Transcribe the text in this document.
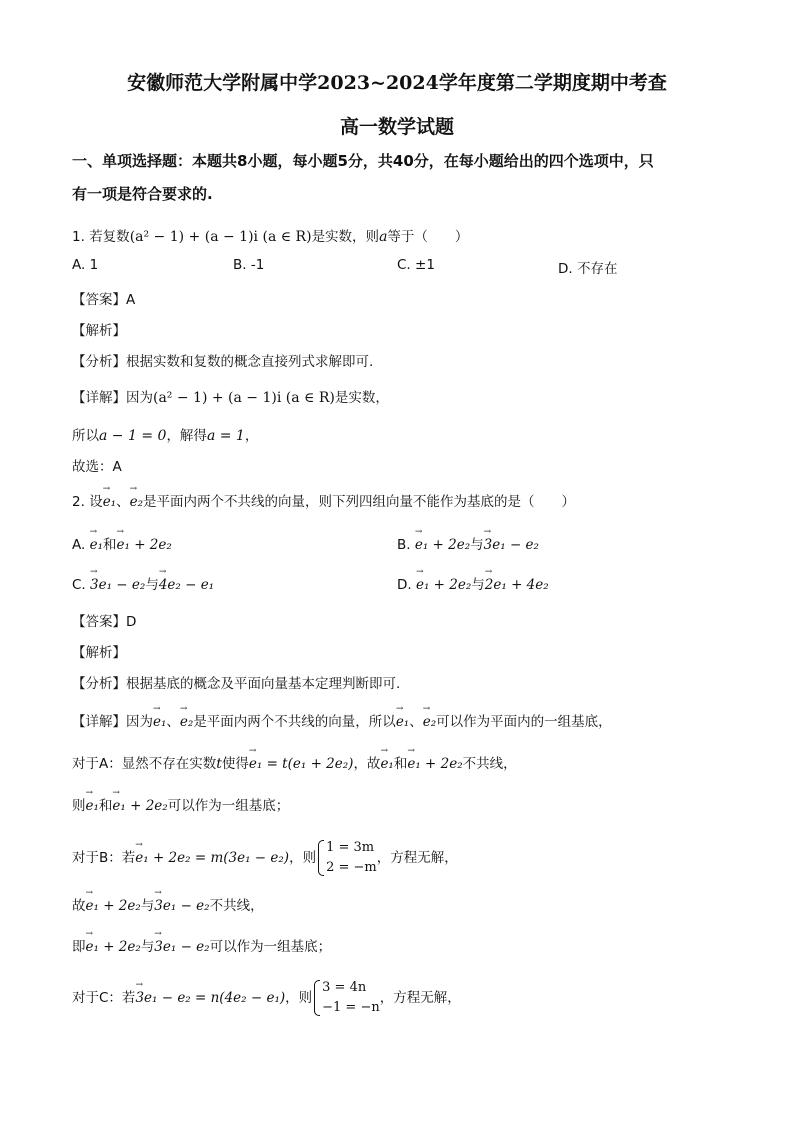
安徽师范大学附属中学2023~2024学年度第二学期度期中考查
高一数学试题
一、单项选择题：本题共8小题，每小题5分，共40分，在每小题给出的四个选项中，只
有一项是符合要求的.
1. 若复数(a² − 1) + (a − 1)i (a ∈ R)是实数，则a等于（　　）
A. 1	B. -1	C. ±1	D. 不存在
【答案】A
【解析】
【分析】根据实数和复数的概念直接列式求解即可.
【详解】因为(a² − 1) + (a − 1)i (a ∈ R)是实数，
所以a − 1 = 0，解得a = 1，
故选：A
2. 设→ e₁、→ e₂是平面内两个不共线的向量，则下列四组向量不能作为基底的是（　　）
A. → e₁和→ e₁ + 2e₂	B. → e₁ + 2e₂与→ 3e₁ − e₂
C. → 3e₁ − e₂与→ 4e₂ − e₁	D. → e₁ + 2e₂与→ 2e₁ + 4e₂
【答案】D
【解析】
【分析】根据基底的概念及平面向量基本定理判断即可.
【详解】因为→ e₁、→ e₂是平面内两个不共线的向量，所以→ e₁、→ e₂可以作为平面内的一组基底，
对于A：显然不存在实数t使得→ e₁ = t(e₁ + 2e₂)，故→ e₁和→ e₁ + 2e₂不共线，
则→ e₁和→ e₁ + 2e₂可以作为一组基底；
对于B：若→ e₁ + 2e₂ = m(3e₁ − e₂)，则
1 = 3m
2 = −m
，方程无解，
故→ e₁ + 2e₂与→ 3e₁ − e₂不共线，
即→ e₁ + 2e₂与→ 3e₁ − e₂可以作为一组基底；
对于C：若→ 3e₁ − e₂ = n(4e₂ − e₁)，则
3 = 4n
−1 = −n
，方程无解，
